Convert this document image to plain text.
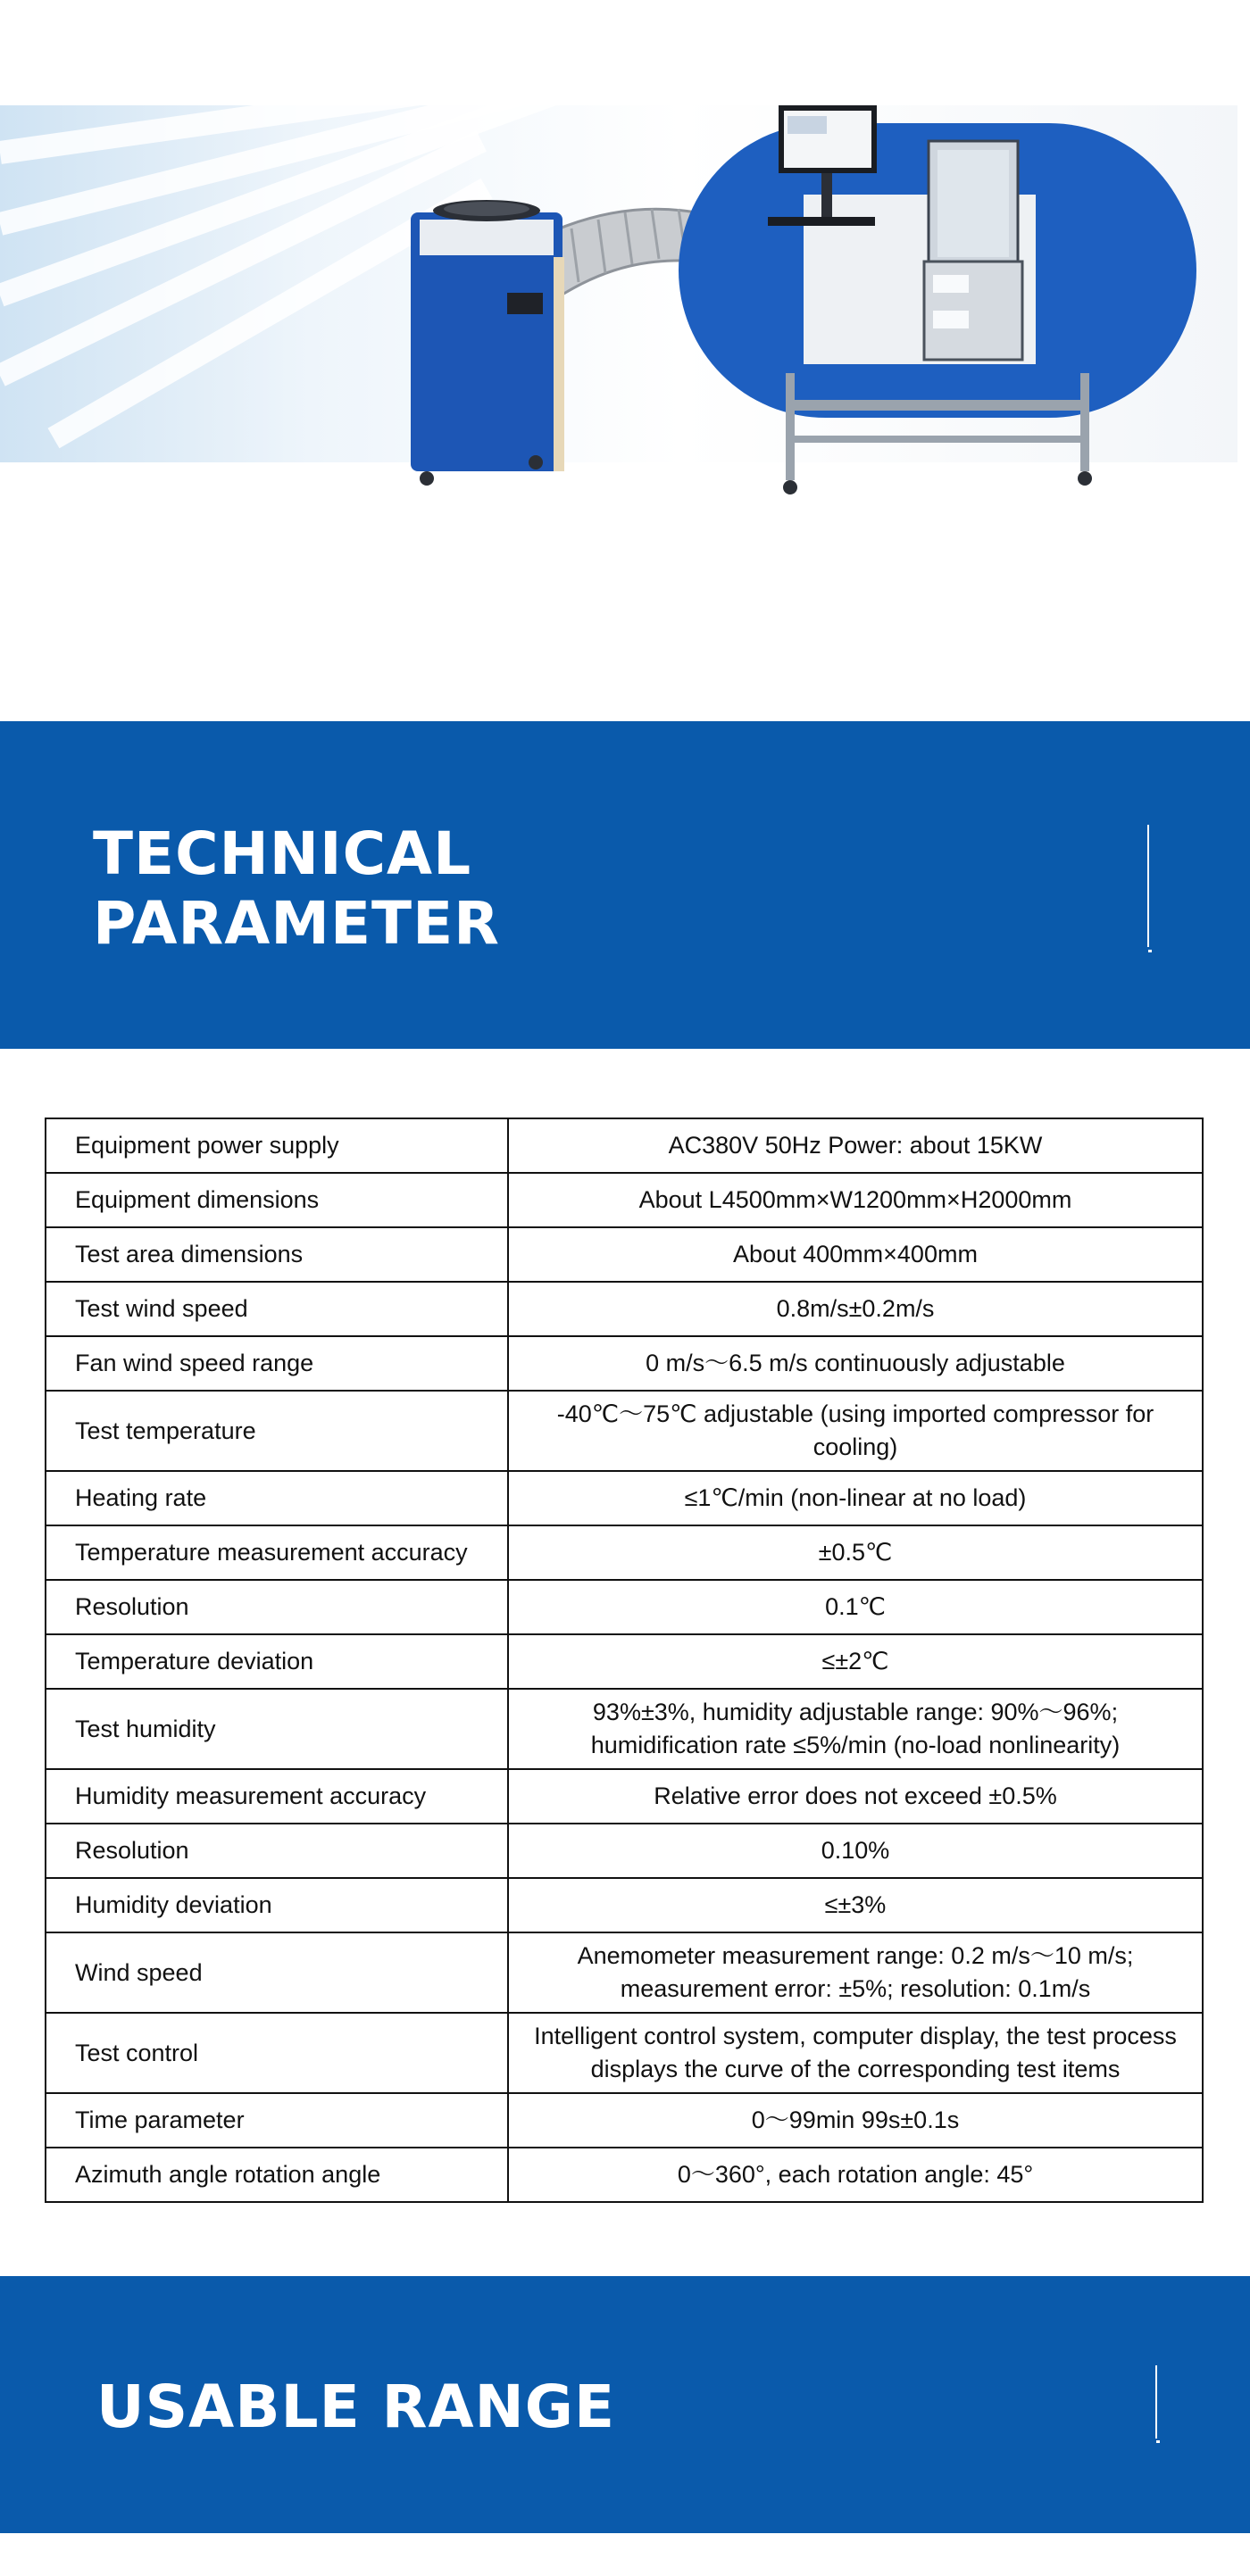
TECHNICAL
PARAMETER
Equipment power supply	AC380V 50Hz Power: about 15KW
Equipment dimensions	About L4500mm×W1200mm×H2000mm
Test area dimensions	About 400mm×400mm
Test wind speed	0.8m/s±0.2m/s
Fan wind speed range	0 m/s～6.5 m/s continuously adjustable
Test temperature	-40℃～75℃ adjustable (using imported compressor for cooling)
Heating rate	≤1℃/min (non-linear at no load)
Temperature measurement accuracy	±0.5℃
Resolution	0.1℃
Temperature deviation	≤±2℃
Test humidity	93%±3%, humidity adjustable range: 90%～96%; humidification rate ≤5%/min (no-load nonlinearity)
Humidity measurement accuracy	Relative error does not exceed ±0.5%
Resolution	0.10%
Humidity deviation	≤±3%
Wind speed	Anemometer measurement range: 0.2 m/s～10 m/s; measurement error: ±5%; resolution: 0.1m/s
Test control	Intelligent control system, computer display, the test process displays the curve of the corresponding test items
Time parameter	0～99min 99s±0.1s
Azimuth angle rotation angle	0～360°, each rotation angle: 45°
USABLE RANGE
